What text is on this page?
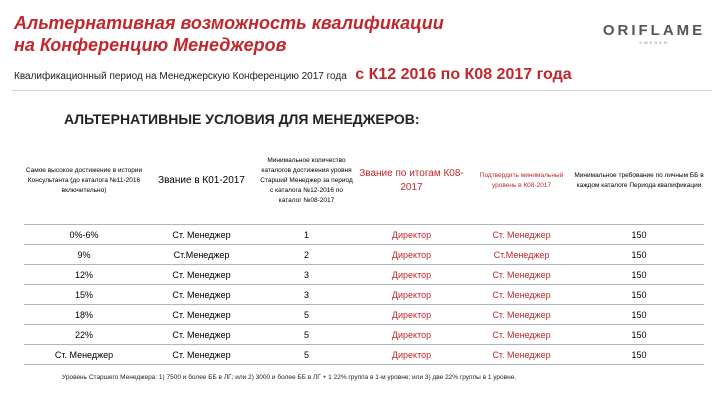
Альтернативная возможность квалификации
на Конференцию Менеджеров
ORIFLAME
SWEDEN
Квалификационный период на Менеджерскую Конференцию 2017 года с К12 2016 по К08 2017 года
АЛЬТЕРНАТИВНЫЕ УСЛОВИЯ ДЛЯ МЕНЕДЖЕРОВ:
Самое высокое достижение в истории Консультанта (до каталога №11-2016 включительно)	Звание в К01-2017	Минимальное количество каталогов достижения уровня Старший Менеджер за период с каталога №12-2016 по каталог №08-2017	Звание по итогам К08-2017	Подтвердить минимальный уровень в К08-2017	Минимальное требование по личным ББ в каждом каталоге Периода квалификации
0%-6%	Ст. Менеджер	1	Директор	Ст. Менеджер	150
9%	Ст.Менеджер	2	Директор	Ст.Менеджер	150
12%	Ст. Менеджер	3	Директор	Ст. Менеджер	150
15%	Ст. Менеджер	3	Директор	Ст. Менеджер	150
18%	Ст. Менеджер	5	Директор	Ст. Менеджер	150
22%	Ст. Менеджер	5	Директор	Ст. Менеджер	150
Ст. Менеджер	Ст. Менеджер	5	Директор	Ст. Менеджер	150
Уровень Старшего Менеджера: 1) 7500 и более ББ в ЛГ; или 2) 3000 и более ББ в ЛГ + 1 22% группа в 1-м уровне; или 3) две 22% группы в 1 уровне.
